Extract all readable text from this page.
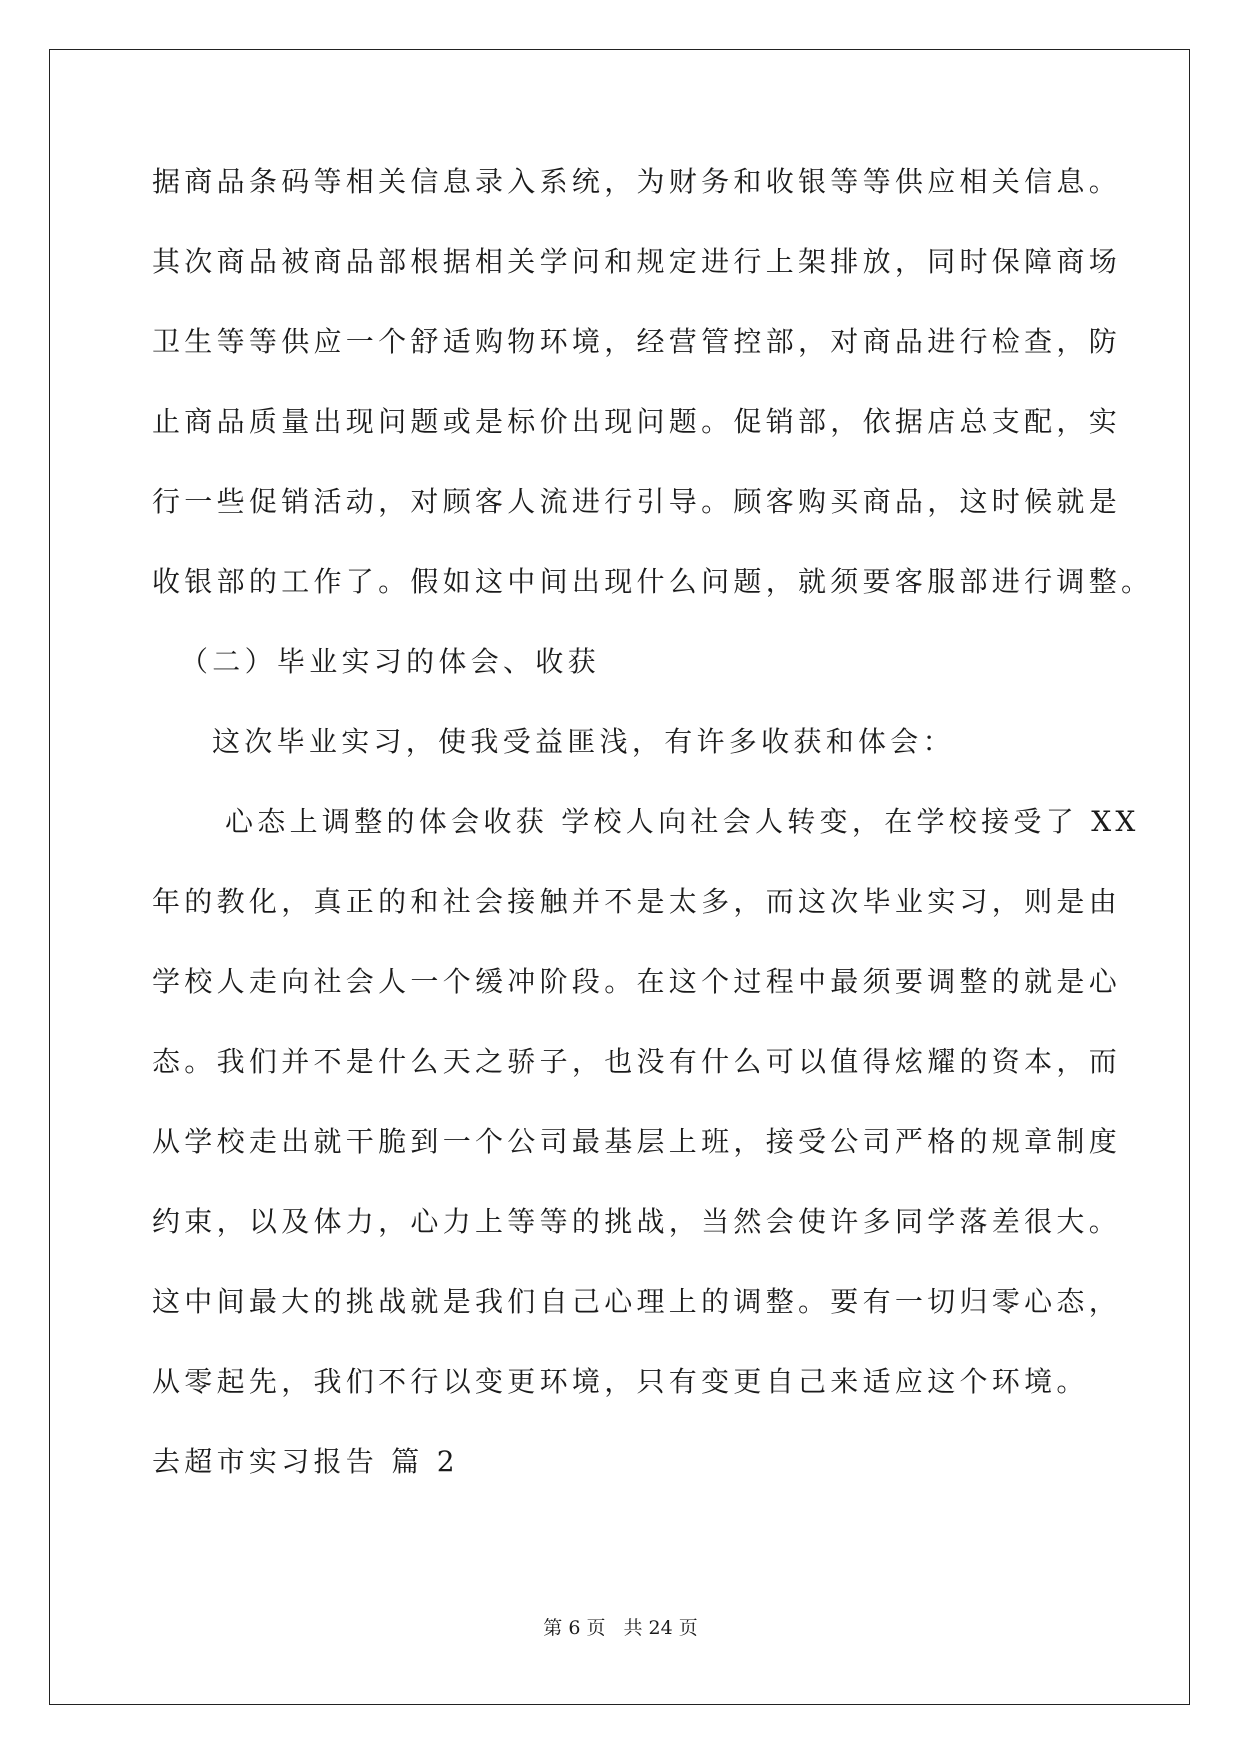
据商品条码等相关信息录入系统，为财务和收银等等供应相关信息。
其次商品被商品部根据相关学问和规定进行上架排放，同时保障商场
卫生等等供应一个舒适购物环境，经营管控部，对商品进行检查，防
止商品质量出现问题或是标价出现问题。促销部，依据店总支配，实
行一些促销活动，对顾客人流进行引导。顾客购买商品，这时候就是
收银部的工作了。假如这中间出现什么问题，就须要客服部进行调整。
（二）毕业实习的体会、收获
这次毕业实习，使我受益匪浅，有许多收获和体会：
心态上调整的体会收获 学校人向社会人转变，在学校接受了 XX
年的教化，真正的和社会接触并不是太多，而这次毕业实习，则是由
学校人走向社会人一个缓冲阶段。在这个过程中最须要调整的就是心
态。我们并不是什么天之骄子，也没有什么可以值得炫耀的资本，而
从学校走出就干脆到一个公司最基层上班，接受公司严格的规章制度
约束，以及体力，心力上等等的挑战，当然会使许多同学落差很大。
这中间最大的挑战就是我们自己心理上的调整。要有一切归零心态，
从零起先，我们不行以变更环境，只有变更自己来适应这个环境。
去超市实习报告 篇 2
第 6 页 共 24 页
